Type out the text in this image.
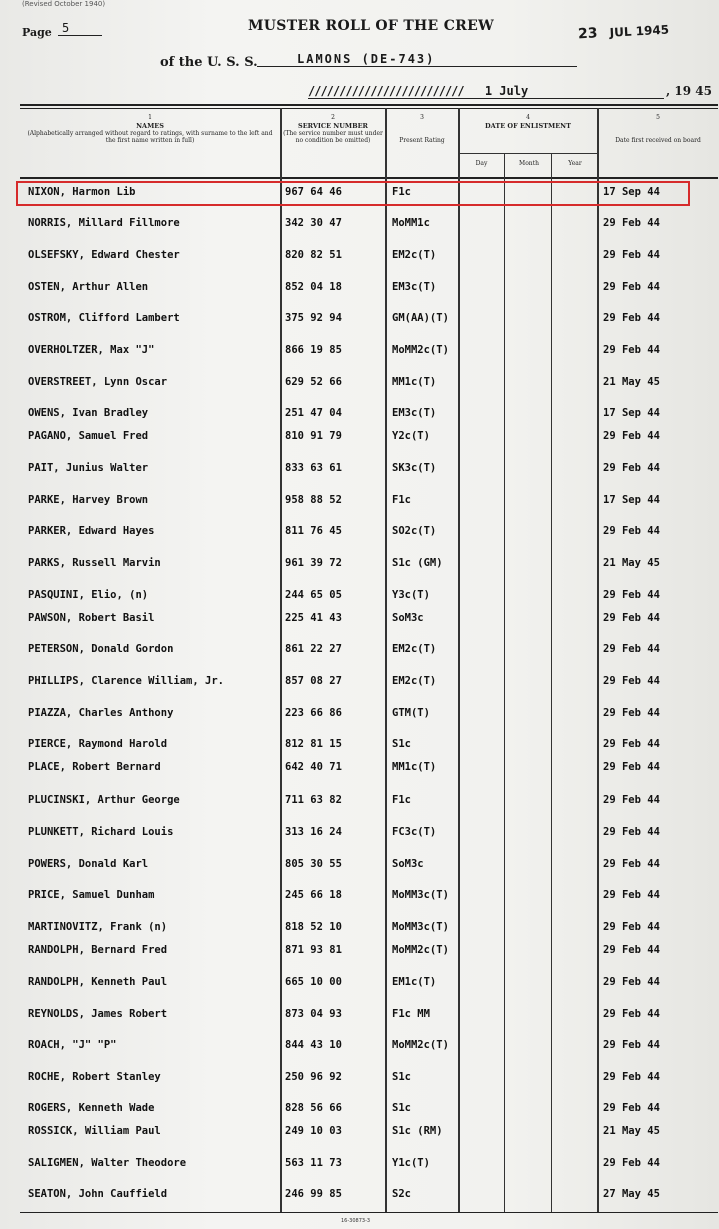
(Revised October 1940)
Page 5	MUSTER ROLL OF THE CREW	23 JUL 1945
of the U. S. S.	LAMONS (DE-743)
///////////////////////// 1 July	, 19 45
1
NAMES
(Alphabetically arranged without regard to ratings, with surname to the left and the first name written in full)
2
SERVICE NUMBER
(The service number must under no condition be omitted)
3
Present Rating
4
DATE OF ENLISTMENT
Day	Month	Year
5
Date first received on board
NIXON, Harmon Lib	967 64 46	F1c	17 Sep 44
NORRIS, Millard Fillmore	342 30 47	MoMM1c	29 Feb 44
OLSEFSKY, Edward Chester	820 82 51	EM2c(T)	29 Feb 44
OSTEN, Arthur Allen	852 04 18	EM3c(T)	29 Feb 44
OSTROM, Clifford Lambert	375 92 94	GM(AA)(T)	29 Feb 44
OVERHOLTZER, Max "J"	866 19 85	MoMM2c(T)	29 Feb 44
OVERSTREET, Lynn Oscar	629 52 66	MM1c(T)	21 May 45
OWENS, Ivan Bradley	251 47 04	EM3c(T)	17 Sep 44
PAGANO, Samuel Fred	810 91 79	Y2c(T)	29 Feb 44
PAIT, Junius Walter	833 63 61	SK3c(T)	29 Feb 44
PARKE, Harvey Brown	958 88 52	F1c	17 Sep 44
PARKER, Edward Hayes	811 76 45	SO2c(T)	29 Feb 44
PARKS, Russell Marvin	961 39 72	S1c (GM)	21 May 45
PASQUINI, Elio, (n)	244 65 05	Y3c(T)	29 Feb 44
PAWSON, Robert Basil	225 41 43	SoM3c	29 Feb 44
PETERSON, Donald Gordon	861 22 27	EM2c(T)	29 Feb 44
PHILLIPS, Clarence William, Jr.	857 08 27	EM2c(T)	29 Feb 44
PIAZZA, Charles Anthony	223 66 86	GTM(T)	29 Feb 44
PIERCE, Raymond Harold	812 81 15	S1c	29 Feb 44
PLACE, Robert Bernard	642 40 71	MM1c(T)	29 Feb 44
PLUCINSKI, Arthur George	711 63 82	F1c	29 Feb 44
PLUNKETT, Richard Louis	313 16 24	FC3c(T)	29 Feb 44
POWERS, Donald Karl	805 30 55	SoM3c	29 Feb 44
PRICE, Samuel Dunham	245 66 18	MoMM3c(T)	29 Feb 44
MARTINOVITZ, Frank (n)	818 52 10	MoMM3c(T)	29 Feb 44
RANDOLPH, Bernard Fred	871 93 81	MoMM2c(T)	29 Feb 44
RANDOLPH, Kenneth Paul	665 10 00	EM1c(T)	29 Feb 44
REYNOLDS, James Robert	873 04 93	F1c MM	29 Feb 44
ROACH, "J" "P"	844 43 10	MoMM2c(T)	29 Feb 44
ROCHE, Robert Stanley	250 96 92	S1c	29 Feb 44
ROGERS, Kenneth Wade	828 56 66	S1c	29 Feb 44
ROSSICK, William Paul	249 10 03	S1c (RM)	21 May 45
SALIGMEN, Walter Theodore	563 11 73	Y1c(T)	29 Feb 44
SEATON, John Cauffield	246 99 85	S2c	27 May 45
16-30873-3
